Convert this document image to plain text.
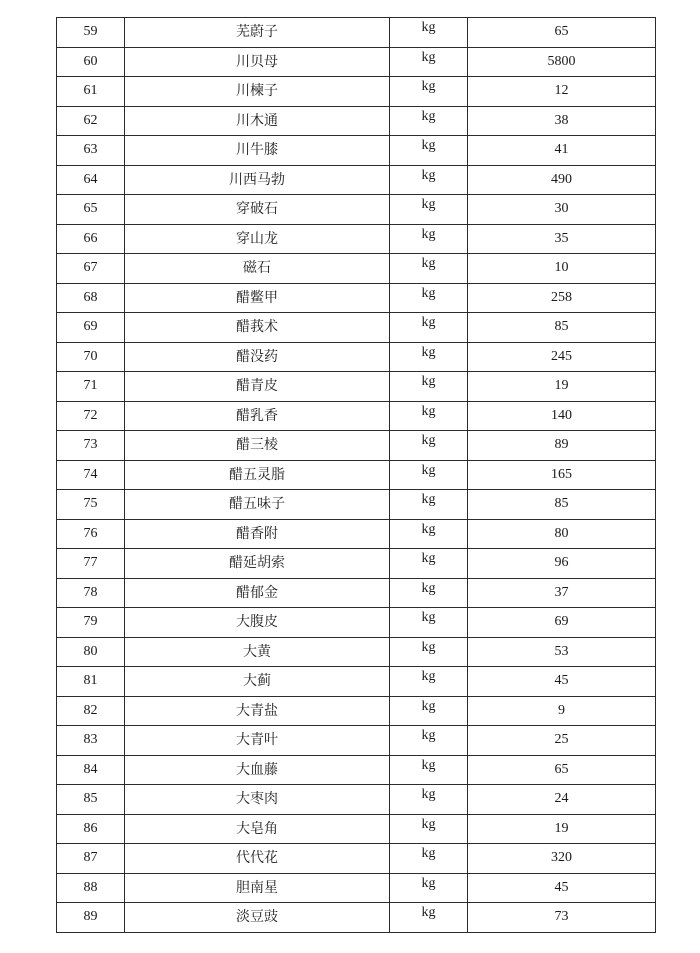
59	芜蔚子	kg	65
60	川贝母	kg	5800
61	川楝子	kg	12
62	川木通	kg	38
63	川牛膝	kg	41
64	川西马勃	kg	490
65	穿破石	kg	30
66	穿山龙	kg	35
67	磁石	kg	10
68	醋鳖甲	kg	258
69	醋莪术	kg	85
70	醋没药	kg	245
71	醋青皮	kg	19
72	醋乳香	kg	140
73	醋三棱	kg	89
74	醋五灵脂	kg	165
75	醋五味子	kg	85
76	醋香附	kg	80
77	醋延胡索	kg	96
78	醋郁金	kg	37
79	大腹皮	kg	69
80	大黄	kg	53
81	大蓟	kg	45
82	大青盐	kg	9
83	大青叶	kg	25
84	大血藤	kg	65
85	大枣肉	kg	24
86	大皂角	kg	19
87	代代花	kg	320
88	胆南星	kg	45
89	淡豆豉	kg	73
